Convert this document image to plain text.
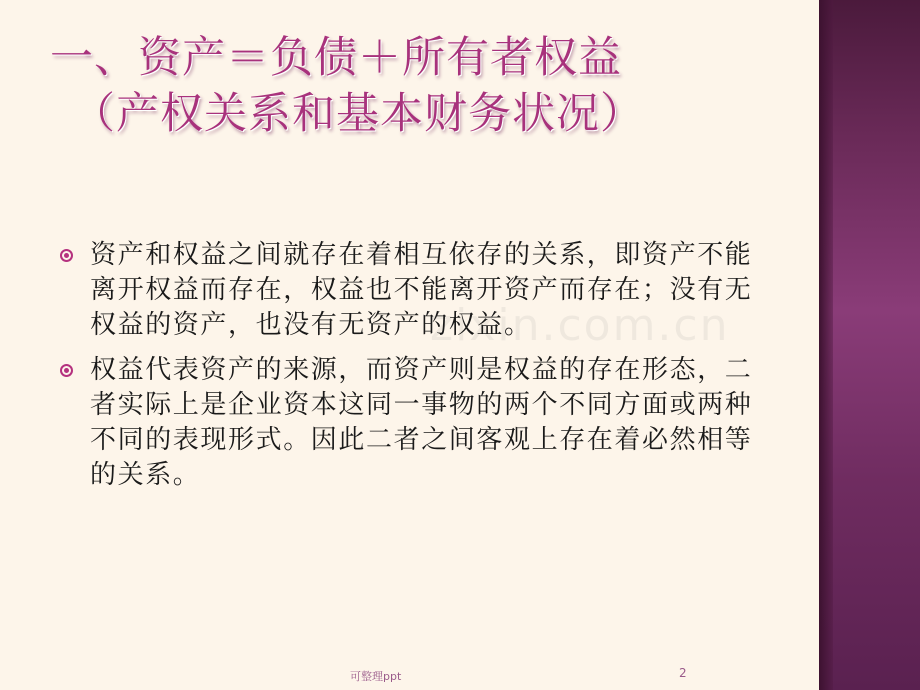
一、资产＝负债＋所有者权益
（产权关系和基本财务状况）
zixin.com.cn
资产和权益之间就存在着相互依存的关系，即资产不能离开权益而存在，权益也不能离开资产而存在；没有无权益的资产，也没有无资产的权益。
权益代表资产的来源，而资产则是权益的存在形态，二者实际上是企业资本这同一事物的两个不同方面或两种不同的表现形式。因此二者之间客观上存在着必然相等的关系。
可整理ppt	2
